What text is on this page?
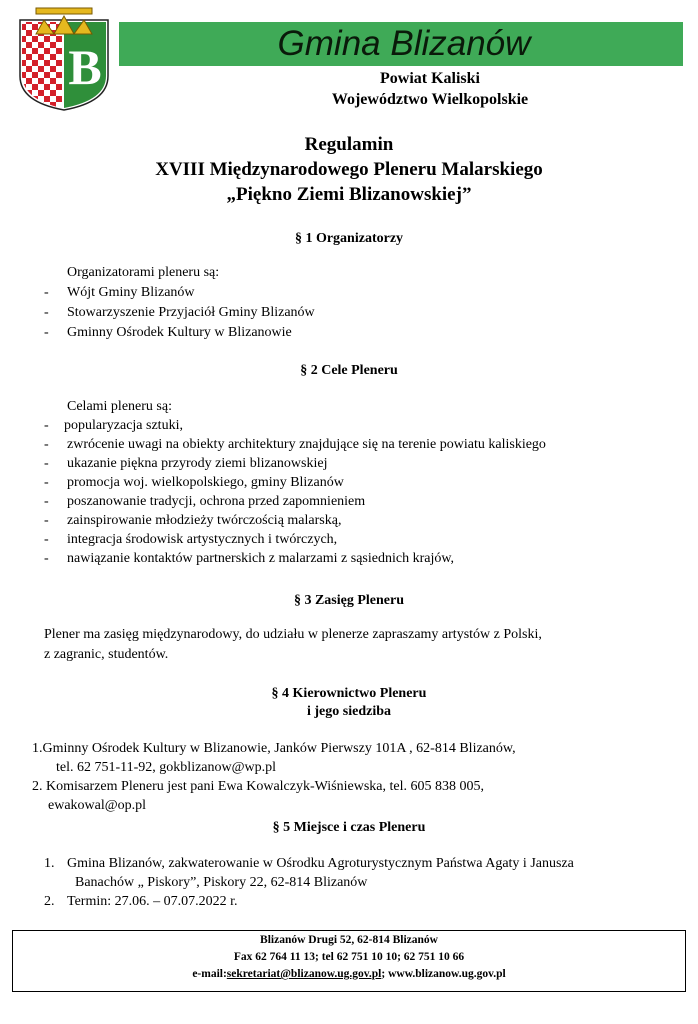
B	Gmina Blizanów
Powiat Kaliski
Województwo Wielkopolskie
Regulamin
XVIII Międzynarodowego Pleneru Malarskiego
„Piękno Ziemi Blizanowskiej”
§ 1 Organizatorzy
Organizatorami pleneru są:
- Wójt Gminy Blizanów
- Stowarzyszenie Przyjaciół Gminy Blizanów
- Gminny Ośrodek Kultury w Blizanowie
§ 2 Cele Pleneru
Celami pleneru są:
- popularyzacja sztuki,
- zwrócenie uwagi na obiekty architektury znajdujące się na terenie powiatu kaliskiego
- ukazanie piękna przyrody ziemi blizanowskiej
- promocja woj. wielkopolskiego, gminy Blizanów
- poszanowanie tradycji, ochrona przed zapomnieniem
- zainspirowanie młodzieży twórczością malarską,
- integracja środowisk artystycznych i twórczych,
- nawiązanie kontaktów partnerskich z malarzami z sąsiednich krajów,
§ 3 Zasięg Pleneru
Plener ma zasięg międzynarodowy, do udziału w plenerze zapraszamy artystów z Polski,
z zagranic, studentów.
§ 4 Kierownictwo Pleneru
i jego siedziba
1.Gminny Ośrodek Kultury w Blizanowie, Janków Pierwszy 101A , 62-814 Blizanów,
tel. 62 751-11-92, gokblizanow@wp.pl
2. Komisarzem Pleneru jest pani Ewa Kowalczyk-Wiśniewska, tel. 605 838 005,
ewakowal@op.pl
§ 5 Miejsce i czas Pleneru
1. Gmina Blizanów, zakwaterowanie w Ośrodku Agroturystycznym Państwa Agaty i Janusza
Banachów „ Piskory”, Piskory 22, 62-814 Blizanów
2. Termin: 27.06. – 07.07.2022 r.
Blizanów Drugi 52, 62-814 Blizanów
Fax 62 764 11 13; tel 62 751 10 10; 62 751 10 66
e-mail:sekretariat@blizanow.ug.gov.pl; www.blizanow.ug.gov.pl
